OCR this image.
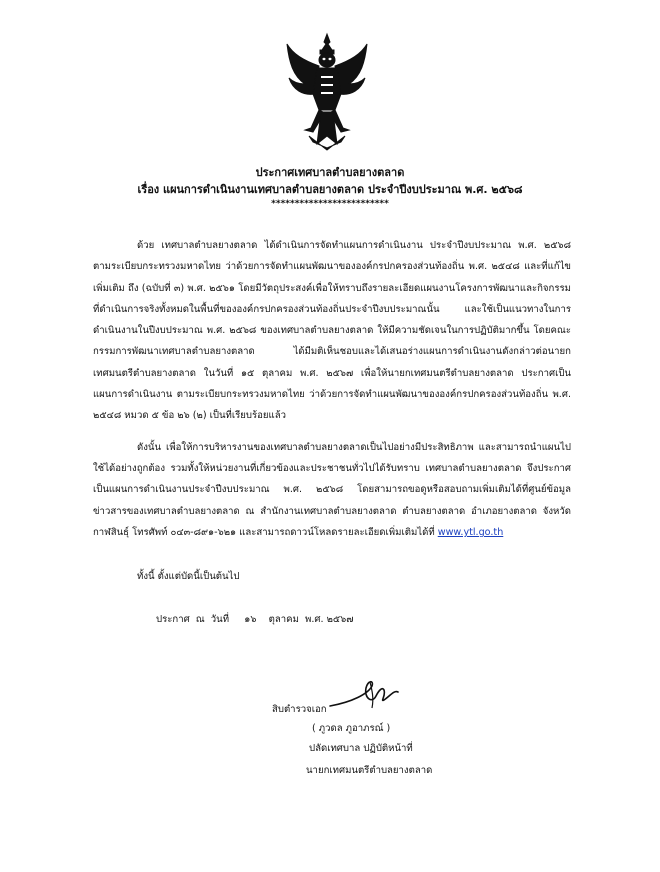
ประกาศเทศบาลตำบลยางตลาด
เรื่อง แผนการดำเนินงานเทศบาลตำบลยางตลาด ประจำปีงบประมาณ พ.ศ. ๒๕๖๘
*************************

ด้วย เทศบาลตำบลยางตลาด ได้ดำเนินการจัดทำแผนการดำเนินงาน ประจำปีงบประมาณ พ.ศ. ๒๕๖๘ ตามระเบียบกระทรวงมหาดไทย ว่าด้วยการจัดทำแผนพัฒนาขององค์กรปกครองส่วนท้องถิ่น พ.ศ. ๒๕๔๘ และที่แก้ไขเพิ่มเติม ถึง (ฉบับที่ ๓) พ.ศ. ๒๕๖๑ โดยมีวัตถุประสงค์เพื่อให้ทราบถึงรายละเอียดแผนงานโครงการพัฒนาและกิจกรรมที่ดำเนินการจริงทั้งหมดในพื้นที่ขององค์กรปกครองส่วนท้องถิ่นประจำปีงบประมาณนั้น และใช้เป็นแนวทางในการดำเนินงานในปีงบประมาณ พ.ศ. ๒๕๖๘ ของเทศบาลตำบลยางตลาด ให้มีความชัดเจนในการปฏิบัติมากขึ้น โดยคณะกรรมการพัฒนาเทศบาลตำบลยางตลาด ได้มีมติเห็นชอบและได้เสนอร่างแผนการดำเนินงานดังกล่าวต่อนายกเทศมนตรีตำบลยางตลาด ในวันที่ ๑๕ ตุลาคม พ.ศ. ๒๕๖๗ เพื่อให้นายกเทศมนตรีตำบลยางตลาด ประกาศเป็นแผนการดำเนินงาน ตามระเบียบกระทรวงมหาดไทย ว่าด้วยการจัดทำแผนพัฒนาขององค์กรปกครองส่วนท้องถิ่น พ.ศ. ๒๕๔๘ หมวด ๕ ข้อ ๒๖ (๒) เป็นที่เรียบร้อยแล้ว

ดังนั้น เพื่อให้การบริหารงานของเทศบาลตำบลยางตลาดเป็นไปอย่างมีประสิทธิภาพ และสามารถนำแผนไปใช้ได้อย่างถูกต้อง รวมทั้งให้หน่วยงานที่เกี่ยวข้องและประชาชนทั่วไปได้รับทราบ เทศบาลตำบลยางตลาด จึงประกาศเป็นแผนการดำเนินงานประจำปีงบประมาณ พ.ศ. ๒๕๖๘ โดยสามารถขอดูหรือสอบถามเพิ่มเติมได้ที่ศูนย์ข้อมูลข่าวสารของเทศบาลตำบลยางตลาด ณ สำนักงานเทศบาลตำบลยางตลาด ตำบลยางตลาด อำเภอยางตลาด จังหวัดกาฬสินธุ์ โทรศัพท์ ๐๔๓-๘๙๑-๖๒๑ และสามารถดาวน์โหลดรายละเอียดเพิ่มเติมได้ที่ www.ytl.go.th

ทั้งนี้ ตั้งแต่บัดนี้เป็นต้นไป
ประกาศ  ณ  วันที่     ๑๖    ตุลาคม  พ.ศ. ๒๕๖๗
สิบตำรวจเอก
( ภูวดล ภูอาภรณ์ )
ปลัดเทศบาล ปฏิบัติหน้าที่
นายกเทศมนตรีตำบลยางตลาด
